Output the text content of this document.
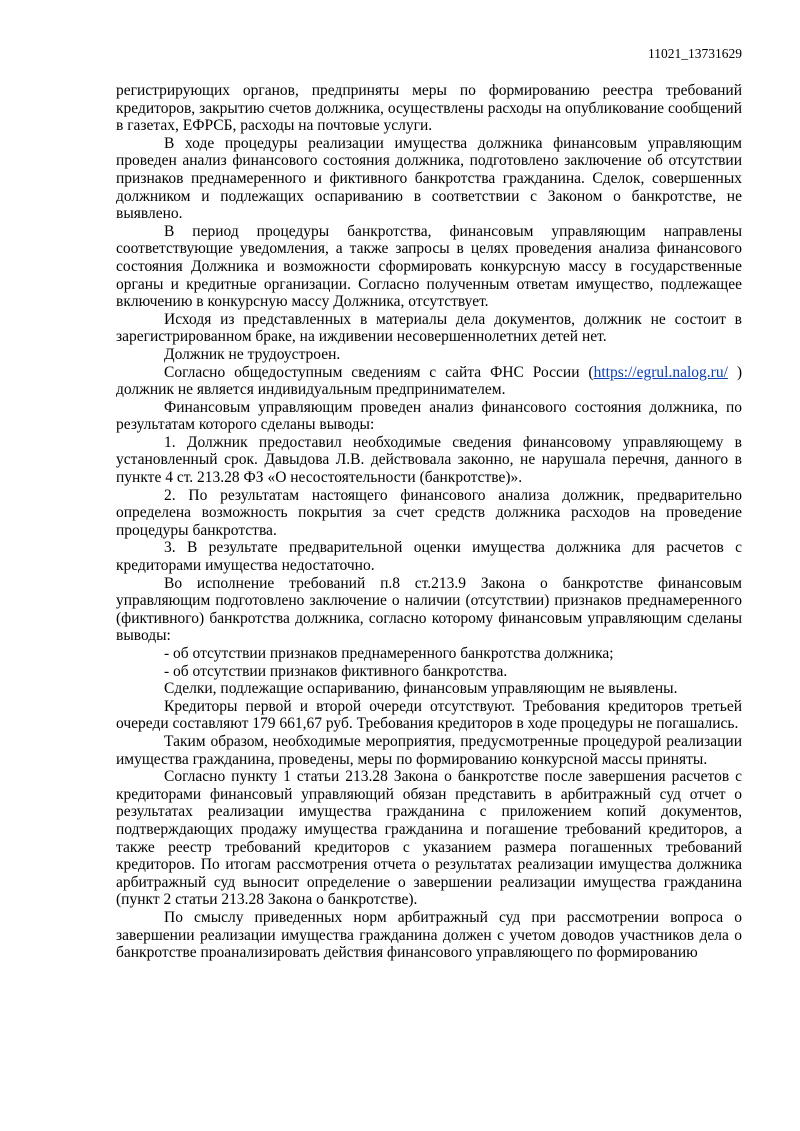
11021_13731629

регистрирующих органов, предприняты меры по формированию реестра требований кредиторов, закрытию счетов должника, осуществлены расходы на опубликование сообщений в газетах, ЕФРСБ, расходы на почтовые услуги.

В ходе процедуры реализации имущества должника финансовым управляющим проведен анализ финансового состояния должника, подготовлено заключение об отсутствии признаков преднамеренного и фиктивного банкротства гражданина. Сделок, совершенных должником и подлежащих оспариванию в соответствии с Законом о банкротстве, не выявлено.

В период процедуры банкротства, финансовым управляющим направлены соответствующие уведомления, а также запросы в целях проведения анализа финансового состояния Должника и возможности сформировать конкурсную массу в государственные органы и кредитные организации. Согласно полученным ответам имущество, подлежащее включению в конкурсную массу Должника, отсутствует.

Исходя из представленных в материалы дела документов, должник не состоит в зарегистрированном браке, на иждивении несовершеннолетних детей нет.

Должник не трудоустроен.

Согласно общедоступным сведениям с сайта ФНС России (https://egrul.nalog.ru/ ) должник не является индивидуальным предпринимателем.

Финансовым управляющим проведен анализ финансового состояния должника, по результатам которого сделаны выводы:

1. Должник предоставил необходимые сведения финансовому управляющему в установленный срок. Давыдова Л.В. действовала законно, не нарушала перечня, данного в пункте 4 ст. 213.28 ФЗ «О несостоятельности (банкротстве)».

2. По результатам настоящего финансового анализа должник, предварительно определена возможность покрытия за счет средств должника расходов на проведение процедуры банкротства.

3. В результате предварительной оценки имущества должника для расчетов с кредиторами имущества недостаточно.

Во исполнение требований п.8 ст.213.9 Закона о банкротстве финансовым управляющим подготовлено заключение о наличии (отсутствии) признаков преднамеренного (фиктивного) банкротства должника, согласно которому финансовым управляющим сделаны выводы:

- об отсутствии признаков преднамеренного банкротства должника;

- об отсутствии признаков фиктивного банкротства.

Сделки, подлежащие оспариванию, финансовым управляющим не выявлены.

Кредиторы первой и второй очереди отсутствуют. Требования кредиторов третьей очереди составляют 179 661,67 руб. Требования кредиторов в ходе процедуры не погашались.

Таким образом, необходимые мероприятия, предусмотренные процедурой реализации имущества гражданина, проведены, меры по формированию конкурсной массы приняты.

Согласно пункту 1 статьи 213.28 Закона о банкротстве после завершения расчетов с кредиторами финансовый управляющий обязан представить в арбитражный суд отчет о результатах реализации имущества гражданина с приложением копий документов, подтверждающих продажу имущества гражданина и погашение требований кредиторов, а также реестр требований кредиторов с указанием размера погашенных требований кредиторов. По итогам рассмотрения отчета о результатах реализации имущества должника арбитражный суд выносит определение о завершении реализации имущества гражданина (пункт 2 статьи 213.28 Закона о банкротстве).

По смыслу приведенных норм арбитражный суд при рассмотрении вопроса о завершении реализации имущества гражданина должен с учетом доводов участников дела о банкротстве проанализировать действия финансового управляющего по формированию
